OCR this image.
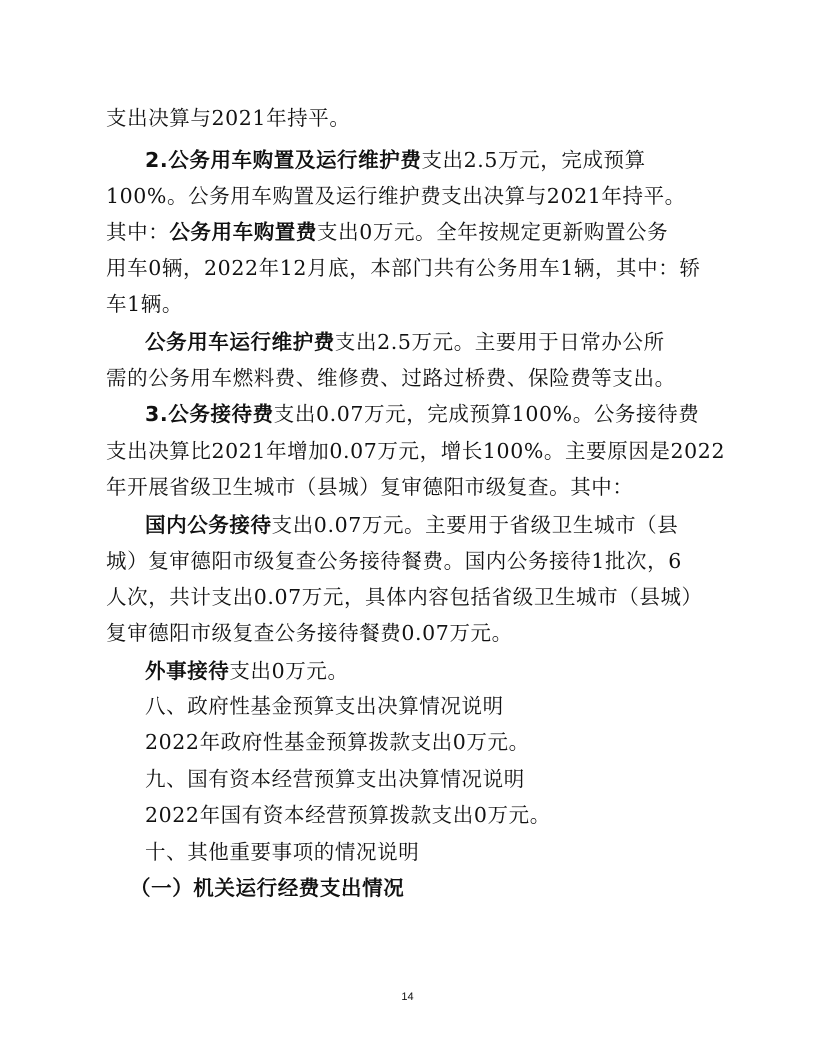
支出决算与2021年持平。
2.公务用车购置及运行维护费支出2.5万元，完成预算
100%。公务用车购置及运行维护费支出决算与2021年持平。
其中：公务用车购置费支出0万元。全年按规定更新购置公务
用车0辆，2022年12月底，本部门共有公务用车1辆，其中：轿
车1辆。
公务用车运行维护费支出2.5万元。主要用于日常办公所
需的公务用车燃料费、维修费、过路过桥费、保险费等支出。
3.公务接待费支出0.07万元，完成预算100%。公务接待费
支出决算比2021年增加0.07万元，增长100%。主要原因是2022
年开展省级卫生城市（县城）复审德阳市级复查。其中：
国内公务接待支出0.07万元。主要用于省级卫生城市（县
城）复审德阳市级复查公务接待餐费。国内公务接待1批次，6
人次，共计支出0.07万元，具体内容包括省级卫生城市（县城）
复审德阳市级复查公务接待餐费0.07万元。
外事接待支出0万元。
八、政府性基金预算支出决算情况说明
2022年政府性基金预算拨款支出0万元。
九、国有资本经营预算支出决算情况说明
2022年国有资本经营预算拨款支出0万元。
十、其他重要事项的情况说明
（一）机关运行经费支出情况
14
